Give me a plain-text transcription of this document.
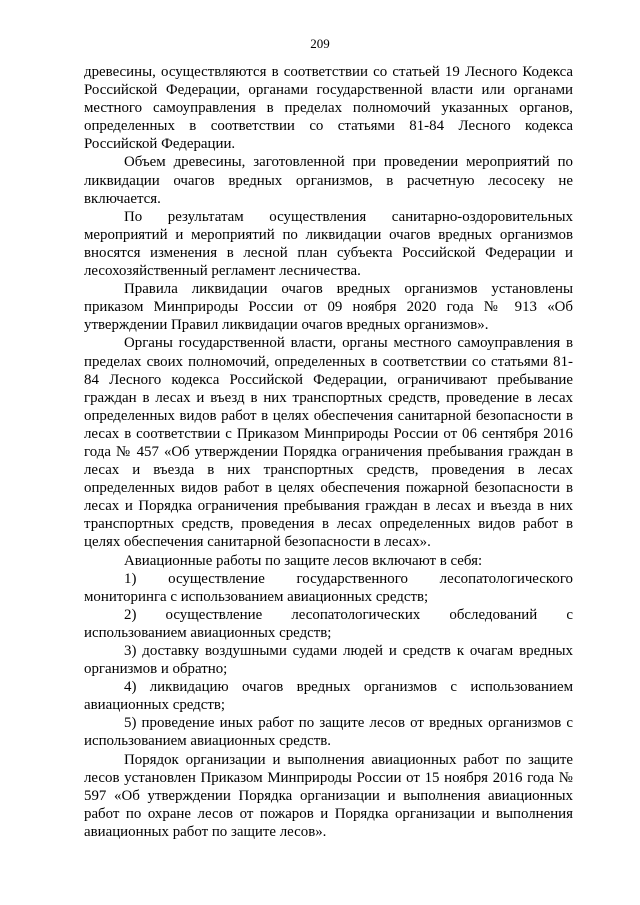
209

древесины, осуществляются в соответствии со статьей 19 Лесного Кодекса Российской Федерации, органами государственной власти или органами местного самоуправления в пределах полномочий указанных органов, определенных в соответствии со статьями 81-84 Лесного кодекса Российской Федерации.

Объем древесины, заготовленной при проведении мероприятий по ликвидации очагов вредных организмов, в расчетную лесосеку не включается.

По результатам осуществления санитарно-оздоровительных мероприятий и мероприятий по ликвидации очагов вредных организмов вносятся изменения в лесной план субъекта Российской Федерации и лесохозяйственный регламент лесничества.

Правила ликвидации очагов вредных организмов установлены приказом Минприроды России от 09 ноября 2020 года № 913 «Об утверждении Правил ликвидации очагов вредных организмов».

Органы государственной власти, органы местного самоуправления в пределах своих полномочий, определенных в соответствии со статьями 81-84 Лесного кодекса Российской Федерации, ограничивают пребывание граждан в лесах и въезд в них транспортных средств, проведение в лесах определенных видов работ в целях обеспечения санитарной безопасности в лесах в соответствии с Приказом Минприроды России от 06 сентября 2016 года № 457 «Об утверждении Порядка ограничения пребывания граждан в лесах и въезда в них транспортных средств, проведения в лесах определенных видов работ в целях обеспечения пожарной безопасности в лесах и Порядка ограничения пребывания граждан в лесах и въезда в них транспортных средств, проведения в лесах определенных видов работ в целях обеспечения санитарной безопасности в лесах».

Авиационные работы по защите лесов включают в себя:

1) осуществление государственного лесопатологического мониторинга с использованием авиационных средств;

2) осуществление лесопатологических обследований с использованием авиационных средств;

3) доставку воздушными судами людей и средств к очагам вредных организмов и обратно;

4) ликвидацию очагов вредных организмов с использованием авиационных средств;

5) проведение иных работ по защите лесов от вредных организмов с использованием авиационных средств.

Порядок организации и выполнения авиационных работ по защите лесов установлен Приказом Минприроды России от 15 ноября 2016 года № 597 «Об утверждении Порядка организации и выполнения авиационных работ по охране лесов от пожаров и Порядка организации и выполнения авиационных работ по защите лесов».
